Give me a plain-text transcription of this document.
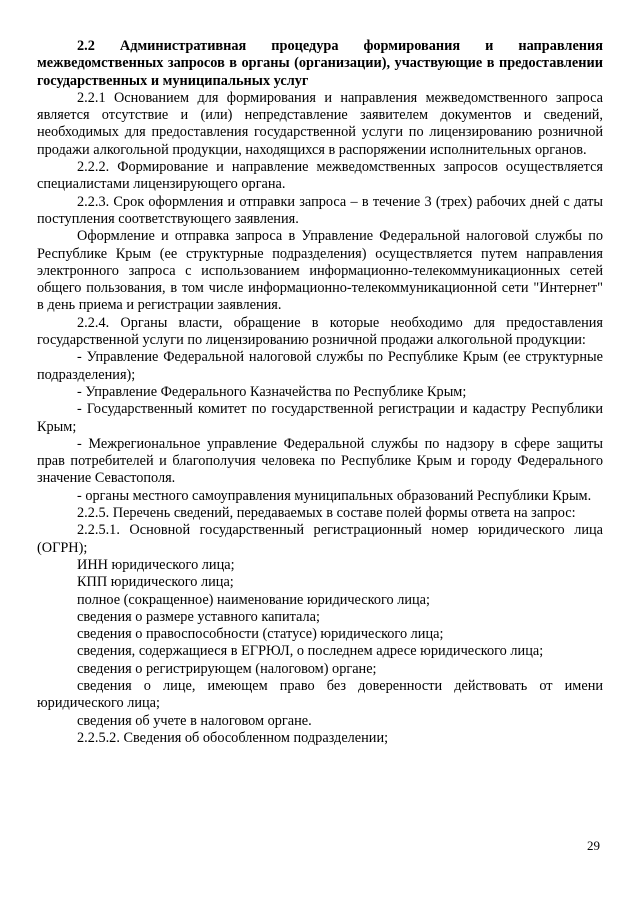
2.2 Административная процедура формирования и направления межведомственных запросов в органы (организации), участвующие в предоставлении государственных и муниципальных услуг

2.2.1 Основанием для формирования и направления межведомственного запроса является отсутствие и (или) непредставление заявителем документов и сведений, необходимых для предоставления государственной услуги по лицензированию розничной продажи алкогольной продукции, находящихся в распоряжении исполнительных органов.

2.2.2. Формирование и направление межведомственных запросов осуществляется специалистами лицензирующего органа.

2.2.3. Срок оформления и отправки запроса – в течение 3 (трех) рабочих дней с даты поступления соответствующего заявления.

Оформление и отправка запроса в Управление Федеральной налоговой службы по Республике Крым (ее структурные подразделения) осуществляется путем направления электронного запроса с использованием информационно-телекоммуникационных сетей общего пользования, в том числе информационно-телекоммуникационной сети "Интернет" в день приема и регистрации заявления.

2.2.4. Органы власти, обращение в которые необходимо для предоставления государственной услуги по лицензированию розничной продажи алкогольной продукции:

- Управление Федеральной налоговой службы по Республике Крым (ее структурные подразделения);

- Управление Федерального Казначейства по Республике Крым;

- Государственный комитет по государственной регистрации и кадастру Республики Крым;

- Межрегиональное управление Федеральной службы по надзору в сфере защиты прав потребителей и благополучия человека по Республике Крым и городу Федерального значение Севастополя.

- органы местного самоуправления муниципальных образований Республики Крым.

2.2.5. Перечень сведений, передаваемых в составе полей формы ответа на запрос:

2.2.5.1. Основной государственный регистрационный номер юридического лица (ОГРН);

ИНН юридического лица;

КПП юридического лица;

полное (сокращенное) наименование юридического лица;

сведения о размере уставного капитала;

сведения о правоспособности (статусе) юридического лица;

сведения, содержащиеся в ЕГРЮЛ, о последнем адресе юридического лица;

сведения о регистрирующем (налоговом) органе;

сведения о лице, имеющем право без доверенности действовать от имени юридического лица;

сведения об учете в налоговом органе.

2.2.5.2. Сведения об обособленном подразделении;

29
